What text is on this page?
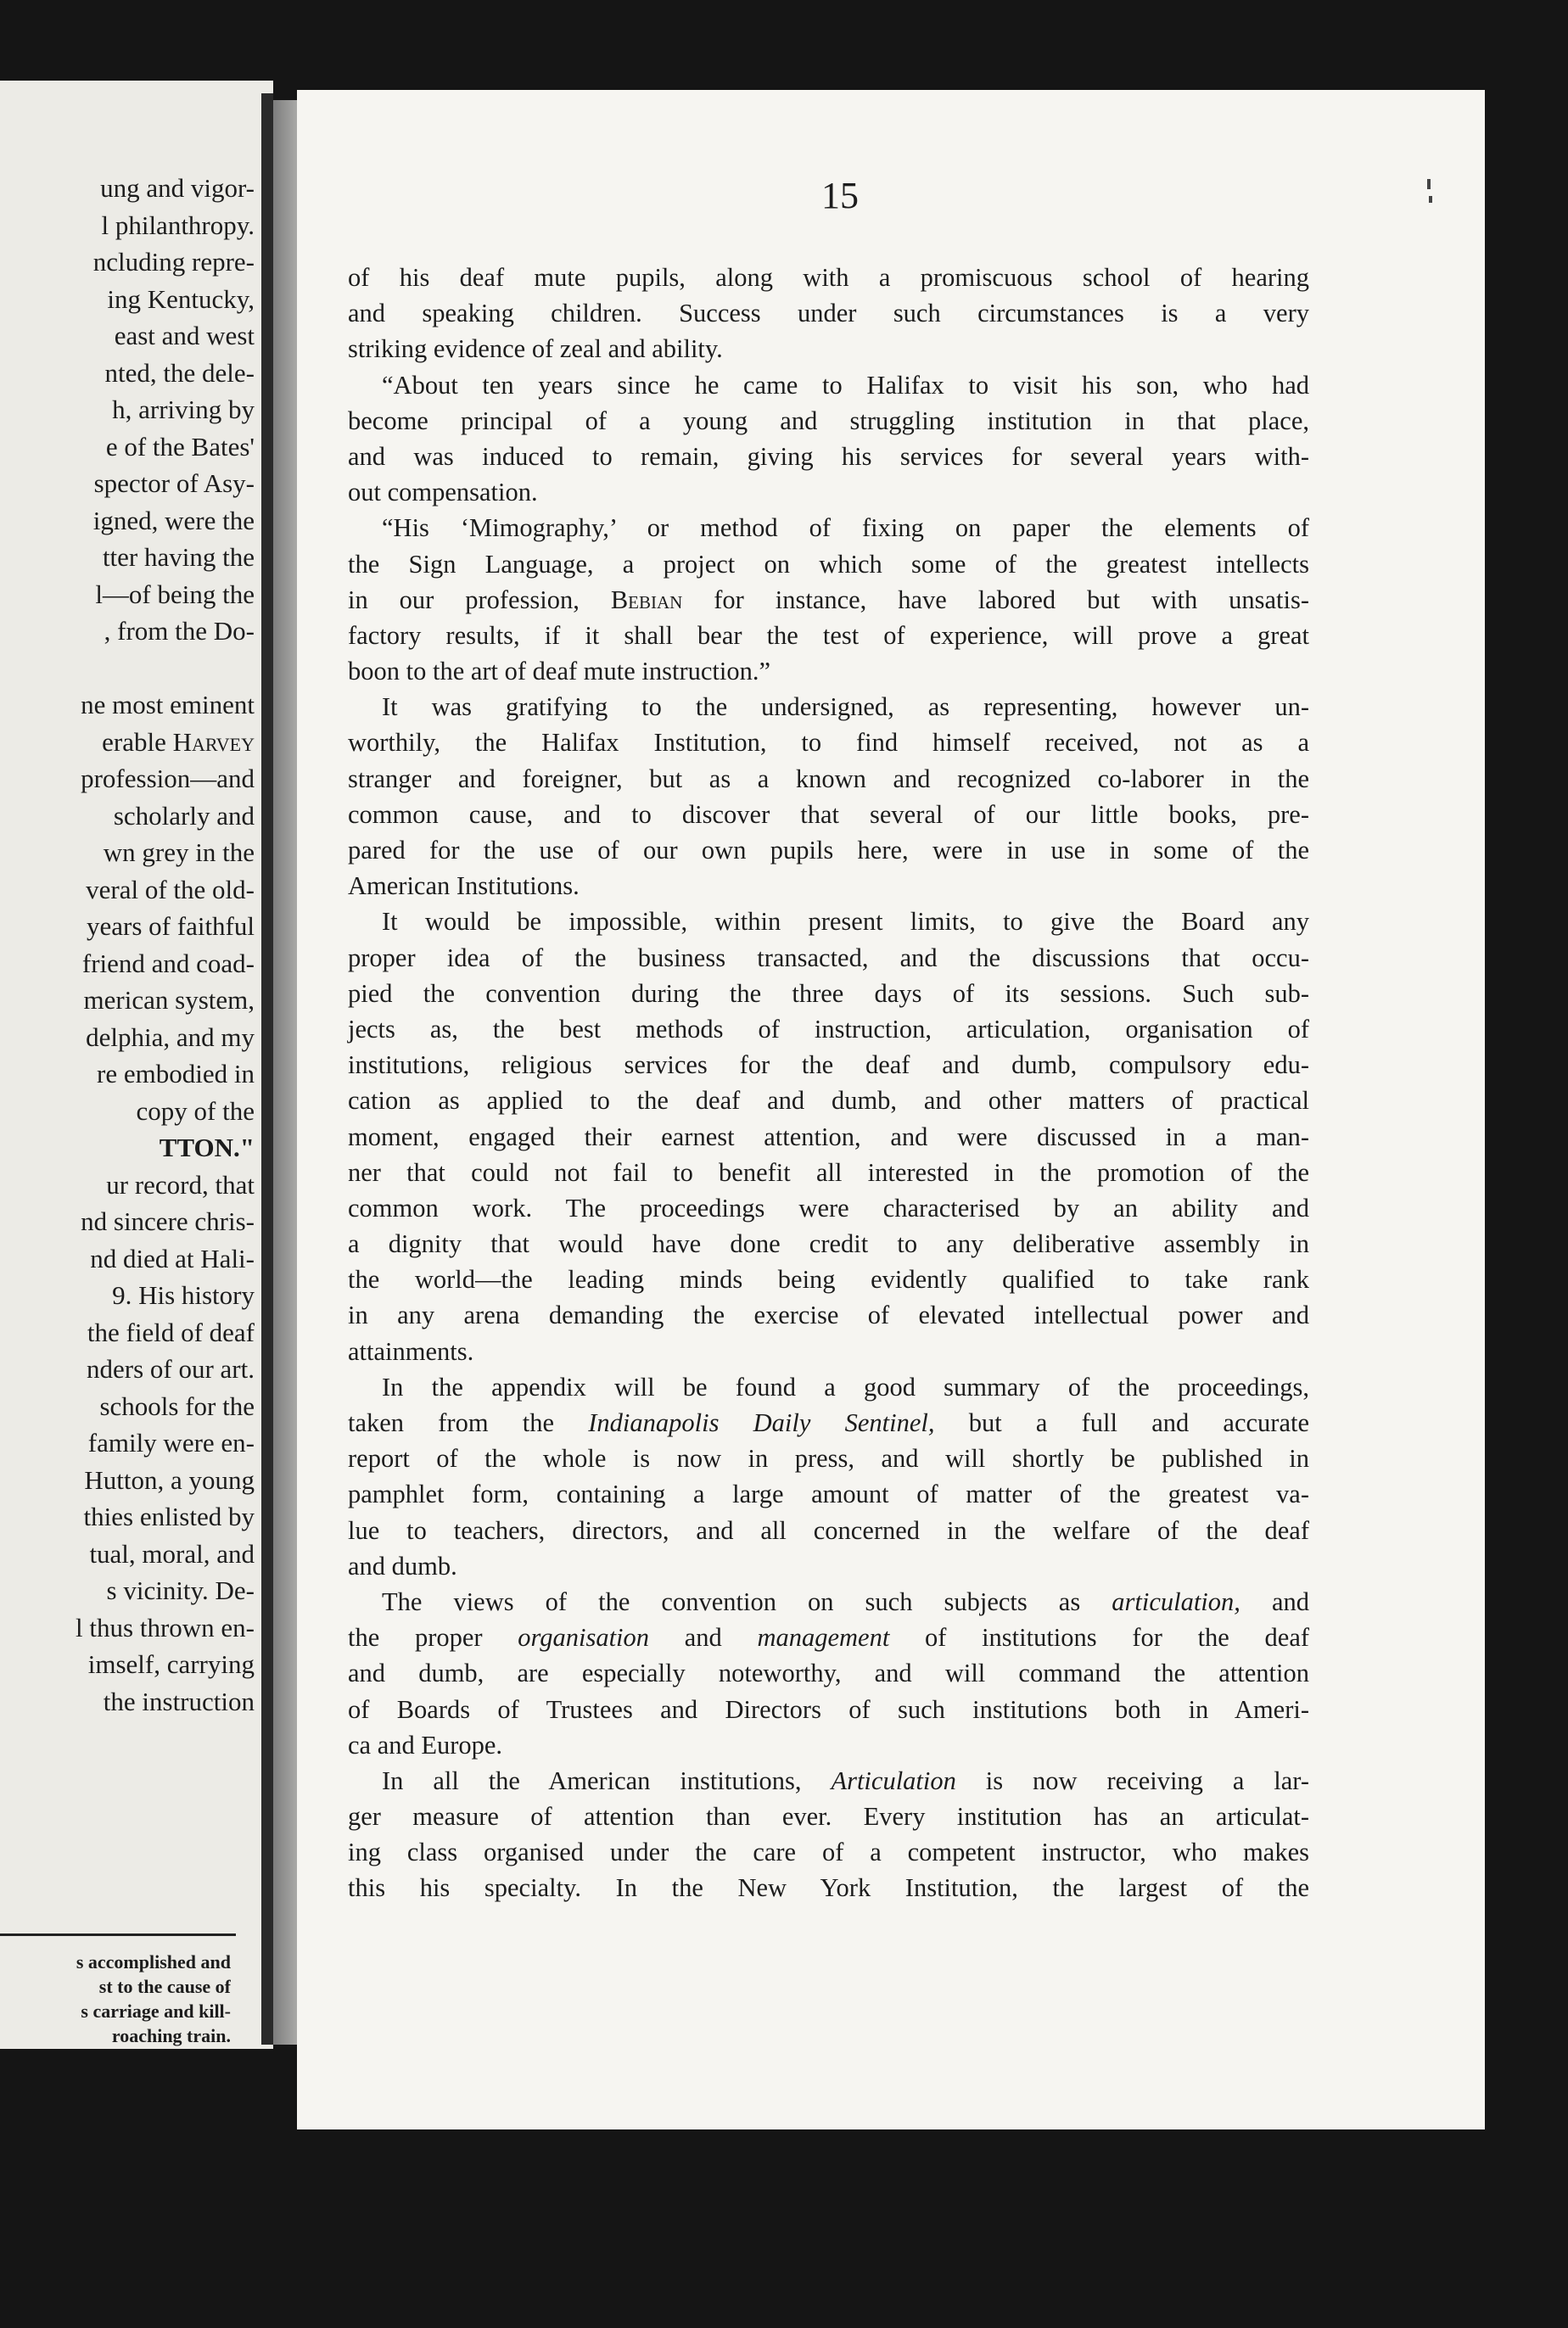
ung and vigor-
l philanthropy.
ncluding repre-
ing Kentucky,
east and west
nted, the dele-
h, arriving by
e of the Bates'
spector of Asy-
igned, were the
tter having the
l—of being the
, from the Do-
ne most eminent
erable Harvey
profession—and
scholarly and
wn grey in the
veral of the old-
years of faithful
friend and coad-
merican system,
delphia, and my
re embodied in
copy of the
TTON."
ur record, that
nd sincere chris-
nd died at Hali-
9. His history
the field of deaf
nders of our art.
schools for the
family were en-
Hutton, a young
thies enlisted by
tual, moral, and
s vicinity. De-
l thus thrown en-
imself, carrying
the instruction
s accomplished and
st to the cause of
s carriage and kill-
roaching train.
15
of his deaf mute pupils, along with a promiscuous school of hearing
and speaking children. Success under such circumstances is a very
striking evidence of zeal and ability.
“About ten years since he came to Halifax to visit his son, who had
become principal of a young and struggling institution in that place,
and was induced to remain, giving his services for several years with-
out compensation.
“His ‘Mimography,’ or method of fixing on paper the elements of
the Sign Language, a project on which some of the greatest intellects
in our profession, Bebian for instance, have labored but with unsatis-
factory results, if it shall bear the test of experience, will prove a great
boon to the art of deaf mute instruction.”
It was gratifying to the undersigned, as representing, however un-
worthily, the Halifax Institution, to find himself received, not as a
stranger and foreigner, but as a known and recognized co-laborer in the
common cause, and to discover that several of our little books, pre-
pared for the use of our own pupils here, were in use in some of the
American Institutions.
It would be impossible, within present limits, to give the Board any
proper idea of the business transacted, and the discussions that occu-
pied the convention during the three days of its sessions. Such sub-
jects as, the best methods of instruction, articulation, organisation of
institutions, religious services for the deaf and dumb, compulsory edu-
cation as applied to the deaf and dumb, and other matters of practical
moment, engaged their earnest attention, and were discussed in a man-
ner that could not fail to benefit all interested in the promotion of the
common work. The proceedings were characterised by an ability and
a dignity that would have done credit to any deliberative assembly in
the world—the leading minds being evidently qualified to take rank
in any arena demanding the exercise of elevated intellectual power and
attainments.
In the appendix will be found a good summary of the proceedings,
taken from the Indianapolis Daily Sentinel, but a full and accurate
report of the whole is now in press, and will shortly be published in
pamphlet form, containing a large amount of matter of the greatest va-
lue to teachers, directors, and all concerned in the welfare of the deaf
and dumb.
The views of the convention on such subjects as articulation, and
the proper organisation and management of institutions for the deaf
and dumb, are especially noteworthy, and will command the attention
of Boards of Trustees and Directors of such institutions both in Ameri-
ca and Europe.
In all the American institutions, Articulation is now receiving a lar-
ger measure of attention than ever. Every institution has an articulat-
ing class organised under the care of a competent instructor, who makes
this his specialty. In the New York Institution, the largest of the
